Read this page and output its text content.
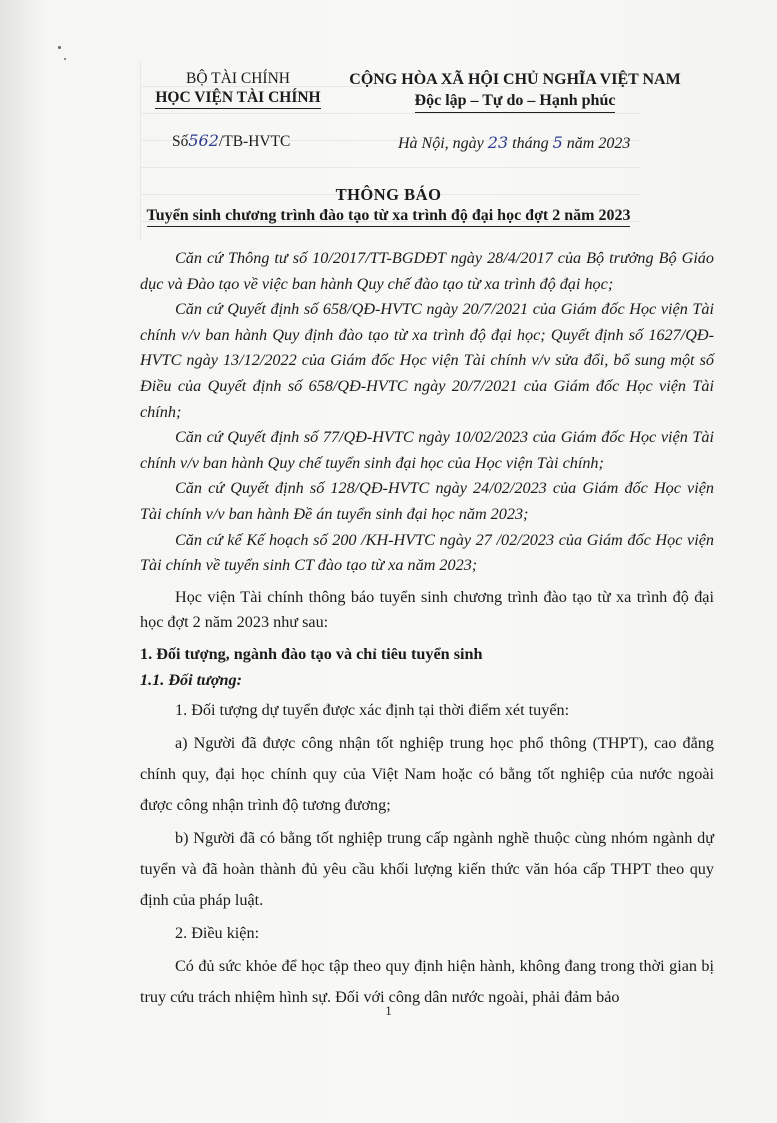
BỘ TÀI CHÍNH
HỌC VIỆN TÀI CHÍNH
CỘNG HÒA XÃ HỘI CHỦ NGHĨA VIỆT NAM
Độc lập – Tự do – Hạnh phúc
Số562/TB-HVTC	Hà Nội, ngày 23 tháng 5 năm 2023
THÔNG BÁO
Tuyển sinh chương trình đào tạo từ xa trình độ đại học đợt 2 năm 2023

Căn cứ Thông tư số 10/2017/TT-BGDĐT ngày 28/4/2017 của Bộ trưởng Bộ Giáo dục và Đào tạo về việc ban hành Quy chế đào tạo từ xa trình độ đại học;

Căn cứ Quyết định số 658/QĐ-HVTC ngày 20/7/2021 của Giám đốc Học viện Tài chính v/v ban hành Quy định đào tạo từ xa trình độ đại học; Quyết định số 1627/QĐ-HVTC ngày 13/12/2022 của Giám đốc Học viện Tài chính v/v sửa đổi, bổ sung một số Điều của Quyết định số 658/QĐ-HVTC ngày 20/7/2021 của Giám đốc Học viện Tài chính;

Căn cứ Quyết định số 77/QĐ-HVTC ngày 10/02/2023 của Giám đốc Học viện Tài chính v/v ban hành Quy chế tuyển sinh đại học của Học viện Tài chính;

Căn cứ Quyết định số 128/QĐ-HVTC ngày 24/02/2023 của Giám đốc Học viện Tài chính v/v ban hành Đề án tuyển sinh đại học năm 2023;

Căn cứ kế Kế hoạch số 200 /KH-HVTC ngày 27 /02/2023 của Giám đốc Học viện Tài chính về tuyển sinh CT đào tạo từ xa năm 2023;

Học viện Tài chính thông báo tuyển sinh chương trình đào tạo từ xa trình độ đại học đợt 2 năm 2023 như sau:

1. Đối tượng, ngành đào tạo và chỉ tiêu tuyển sinh
1.1. Đối tượng:

1. Đối tượng dự tuyển được xác định tại thời điểm xét tuyển:

a) Người đã được công nhận tốt nghiệp trung học phổ thông (THPT), cao đẳng chính quy, đại học chính quy của Việt Nam hoặc có bằng tốt nghiệp của nước ngoài được công nhận trình độ tương đương;

b) Người đã có bằng tốt nghiệp trung cấp ngành nghề thuộc cùng nhóm ngành dự tuyển và đã hoàn thành đủ yêu cầu khối lượng kiến thức văn hóa cấp THPT theo quy định của pháp luật.

2. Điều kiện:

Có đủ sức khỏe để học tập theo quy định hiện hành, không đang trong thời gian bị truy cứu trách nhiệm hình sự. Đối với công dân nước ngoài, phải đảm bảo

1
